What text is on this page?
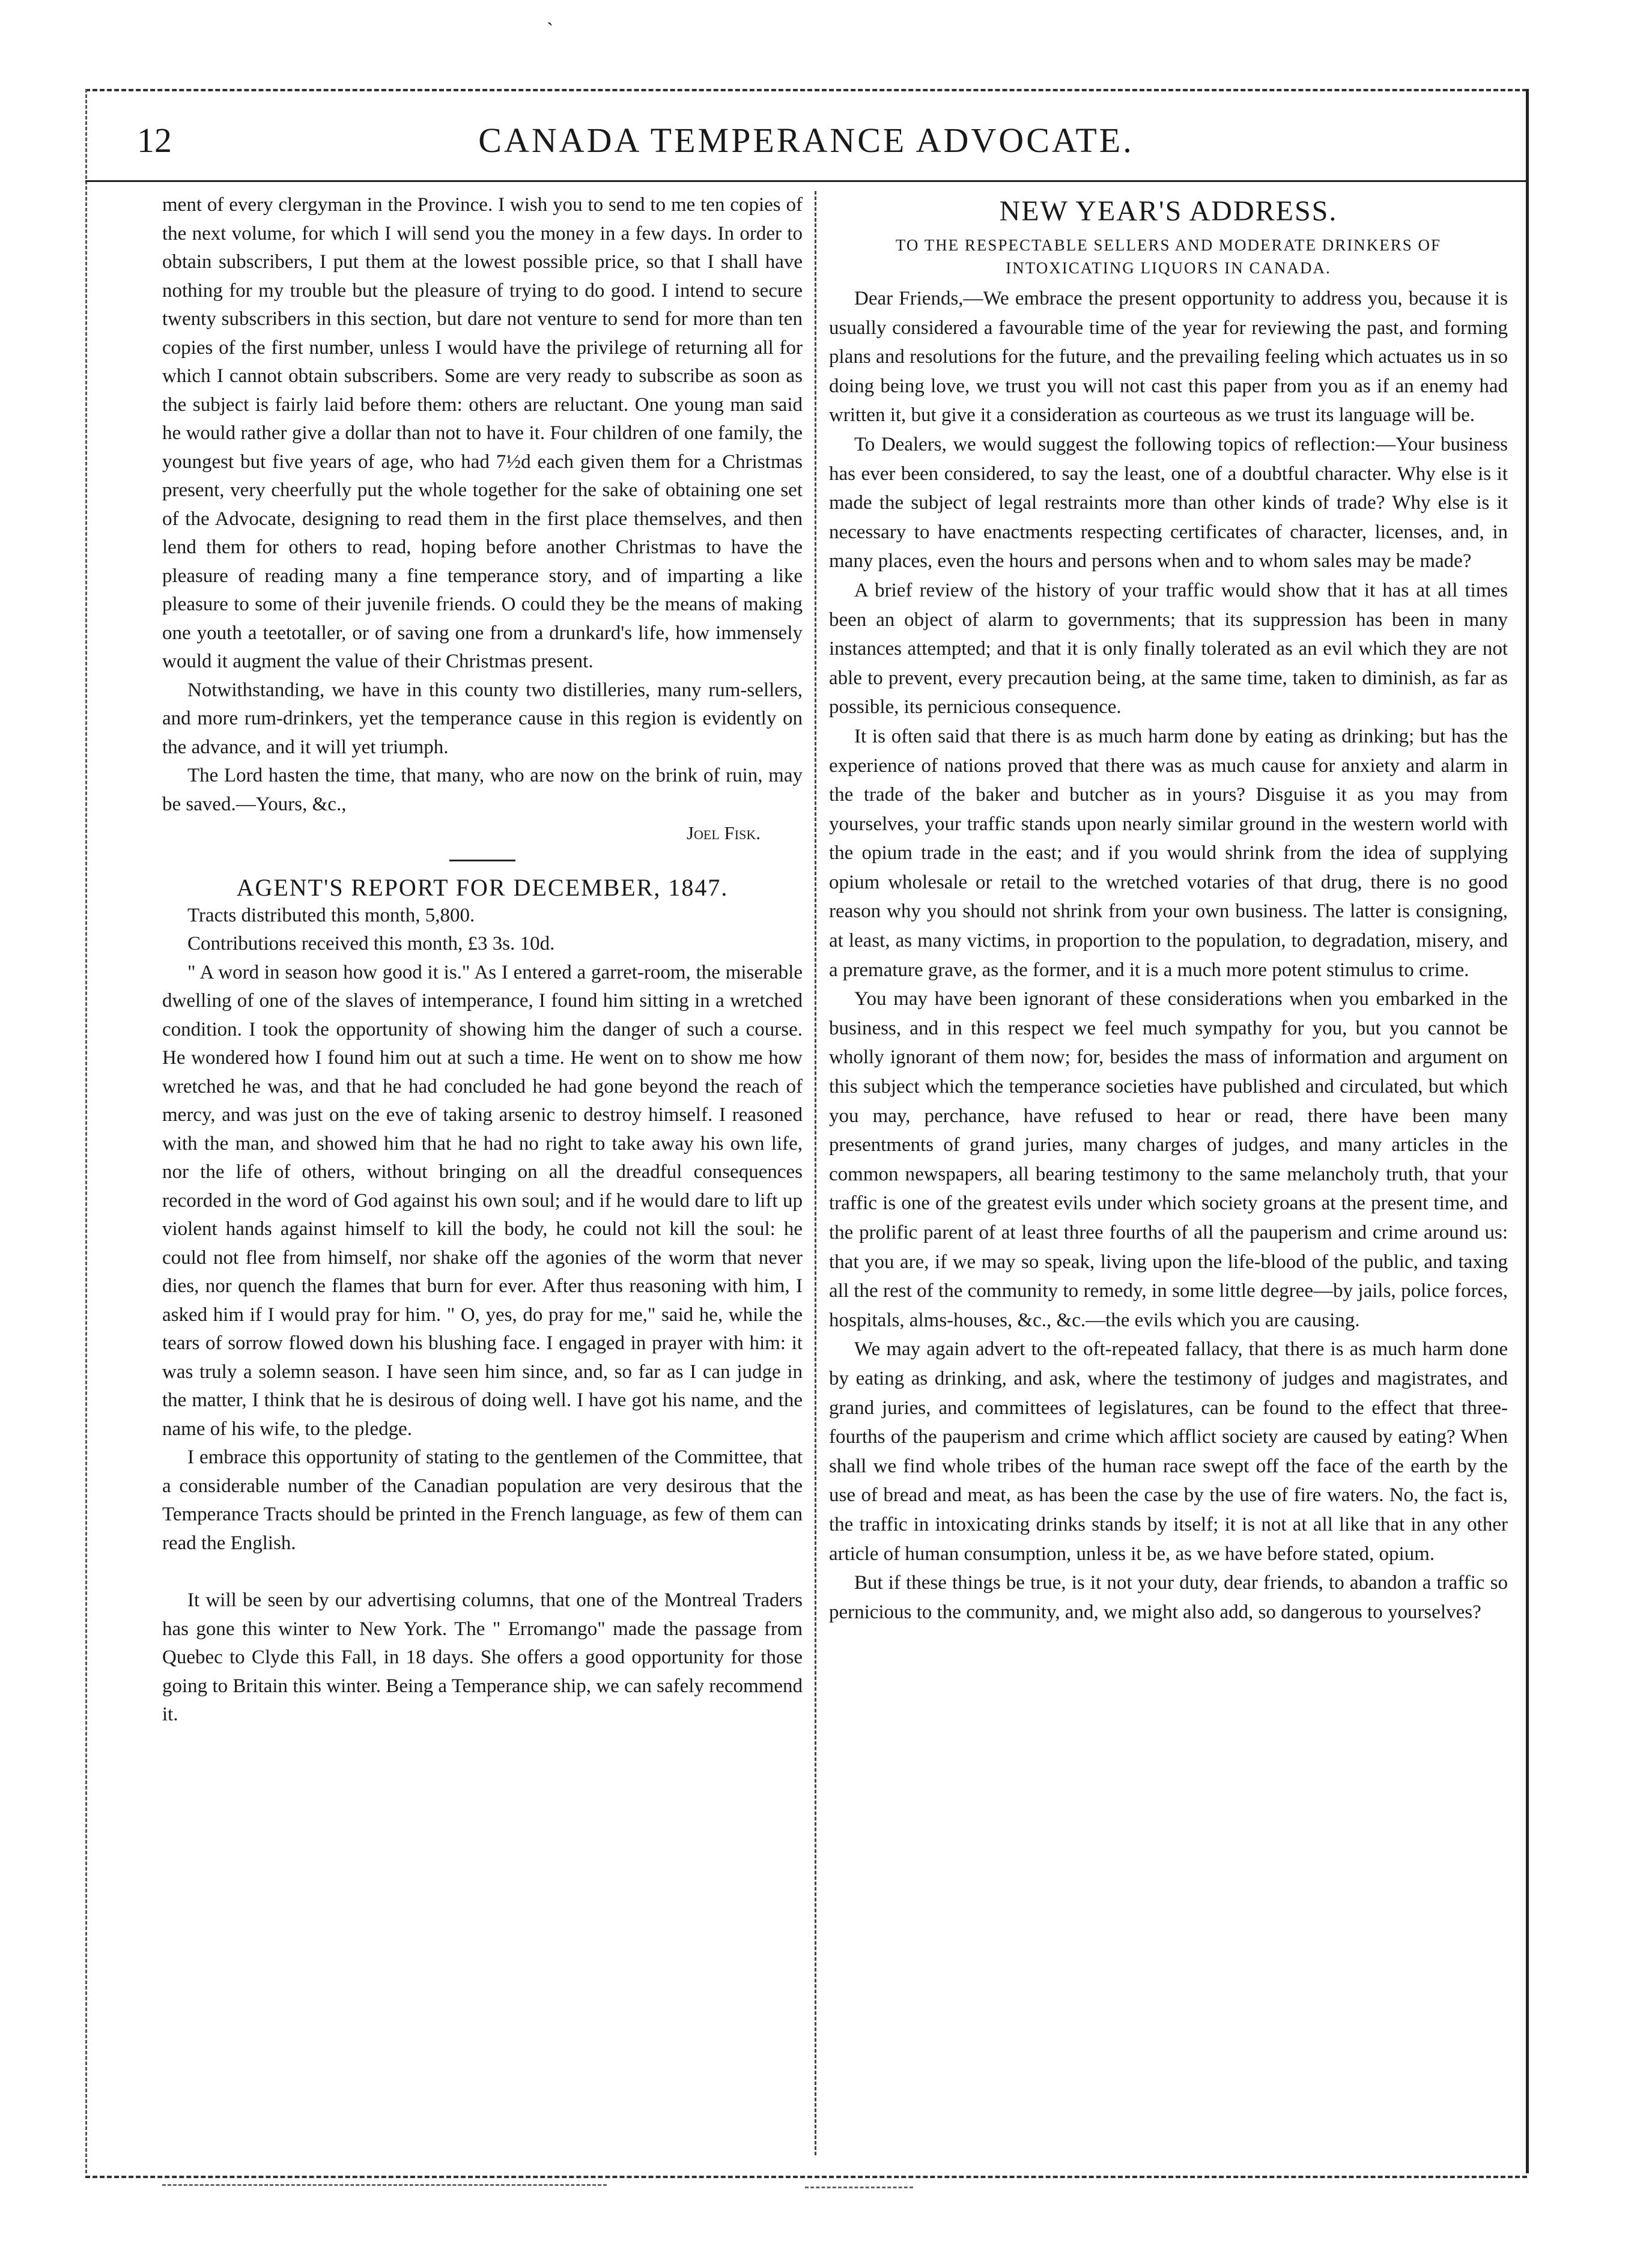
ˎ
12	CANADA TEMPERANCE ADVOCATE.

ment of every clergyman in the Province. I wish you to send to me ten copies of the next volume, for which I will send you the money in a few days. In order to obtain subscribers, I put them at the lowest possible price, so that I shall have nothing for my trouble but the pleasure of trying to do good. I intend to secure twenty subscribers in this section, but dare not venture to send for more than ten copies of the first number, unless I would have the privilege of returning all for which I cannot obtain subscribers. Some are very ready to subscribe as soon as the subject is fairly laid before them: others are reluctant. One young man said he would rather give a dollar than not to have it. Four children of one family, the youngest but five years of age, who had 7½d each given them for a Christmas present, very cheerfully put the whole together for the sake of obtaining one set of the Advocate, designing to read them in the first place themselves, and then lend them for others to read, hoping before another Christmas to have the pleasure of reading many a fine temperance story, and of imparting a like pleasure to some of their juvenile friends. O could they be the means of making one youth a teetotaller, or of saving one from a drunkard's life, how immensely would it augment the value of their Christmas present.

Notwithstanding, we have in this county two distilleries, many rum-sellers, and more rum-drinkers, yet the temperance cause in this region is evidently on the advance, and it will yet triumph.

The Lord hasten the time, that many, who are now on the brink of ruin, may be saved.—Yours, &c.,

Joel Fisk.

AGENT'S REPORT FOR DECEMBER, 1847.
Tracts distributed this month, 5,800.
Contributions received this month, £3 3s. 10d.

" A word in season how good it is." As I entered a garret-room, the miserable dwelling of one of the slaves of intemperance, I found him sitting in a wretched condition. I took the opportunity of showing him the danger of such a course. He wondered how I found him out at such a time. He went on to show me how wretched he was, and that he had concluded he had gone beyond the reach of mercy, and was just on the eve of taking arsenic to destroy himself. I reasoned with the man, and showed him that he had no right to take away his own life, nor the life of others, without bringing on all the dreadful consequences recorded in the word of God against his own soul; and if he would dare to lift up violent hands against himself to kill the body, he could not kill the soul: he could not flee from himself, nor shake off the agonies of the worm that never dies, nor quench the flames that burn for ever. After thus reasoning with him, I asked him if I would pray for him. " O, yes, do pray for me," said he, while the tears of sorrow flowed down his blushing face. I engaged in prayer with him: it was truly a solemn season. I have seen him since, and, so far as I can judge in the matter, I think that he is desirous of doing well. I have got his name, and the name of his wife, to the pledge.

I embrace this opportunity of stating to the gentlemen of the Committee, that a considerable number of the Canadian population are very desirous that the Temperance Tracts should be printed in the French language, as few of them can read the English.

It will be seen by our advertising columns, that one of the Montreal Traders has gone this winter to New York. The " Erromango" made the passage from Quebec to Clyde this Fall, in 18 days. She offers a good opportunity for those going to Britain this winter. Being a Temperance ship, we can safely recommend it.

NEW YEAR'S ADDRESS.
TO THE RESPECTABLE SELLERS AND MODERATE DRINKERS OF INTOXICATING LIQUORS IN CANADA.

Dear Friends,—We embrace the present opportunity to address you, because it is usually considered a favourable time of the year for reviewing the past, and forming plans and resolutions for the future, and the prevailing feeling which actuates us in so doing being love, we trust you will not cast this paper from you as if an enemy had written it, but give it a consideration as courteous as we trust its language will be.

To Dealers, we would suggest the following topics of reflection:—Your business has ever been considered, to say the least, one of a doubtful character. Why else is it made the subject of legal restraints more than other kinds of trade? Why else is it necessary to have enactments respecting certificates of character, licenses, and, in many places, even the hours and persons when and to whom sales may be made?

A brief review of the history of your traffic would show that it has at all times been an object of alarm to governments; that its suppression has been in many instances attempted; and that it is only finally tolerated as an evil which they are not able to prevent, every precaution being, at the same time, taken to diminish, as far as possible, its pernicious consequence.

It is often said that there is as much harm done by eating as drinking; but has the experience of nations proved that there was as much cause for anxiety and alarm in the trade of the baker and butcher as in yours? Disguise it as you may from yourselves, your traffic stands upon nearly similar ground in the western world with the opium trade in the east; and if you would shrink from the idea of supplying opium wholesale or retail to the wretched votaries of that drug, there is no good reason why you should not shrink from your own business. The latter is consigning, at least, as many victims, in proportion to the population, to degradation, misery, and a premature grave, as the former, and it is a much more potent stimulus to crime.

You may have been ignorant of these considerations when you embarked in the business, and in this respect we feel much sympathy for you, but you cannot be wholly ignorant of them now; for, besides the mass of information and argument on this subject which the temperance societies have published and circulated, but which you may, perchance, have refused to hear or read, there have been many presentments of grand juries, many charges of judges, and many articles in the common newspapers, all bearing testimony to the same melancholy truth, that your traffic is one of the greatest evils under which society groans at the present time, and the prolific parent of at least three fourths of all the pauperism and crime around us: that you are, if we may so speak, living upon the life-blood of the public, and taxing all the rest of the community to remedy, in some little degree—by jails, police forces, hospitals, alms-houses, &c., &c.—the evils which you are causing.

We may again advert to the oft-repeated fallacy, that there is as much harm done by eating as drinking, and ask, where the testimony of judges and magistrates, and grand juries, and committees of legislatures, can be found to the effect that three-fourths of the pauperism and crime which afflict society are caused by eating? When shall we find whole tribes of the human race swept off the face of the earth by the use of bread and meat, as has been the case by the use of fire waters. No, the fact is, the traffic in intoxicating drinks stands by itself; it is not at all like that in any other article of human consumption, unless it be, as we have before stated, opium.

But if these things be true, is it not your duty, dear friends, to abandon a traffic so pernicious to the community, and, we might also add, so dangerous to yourselves?
